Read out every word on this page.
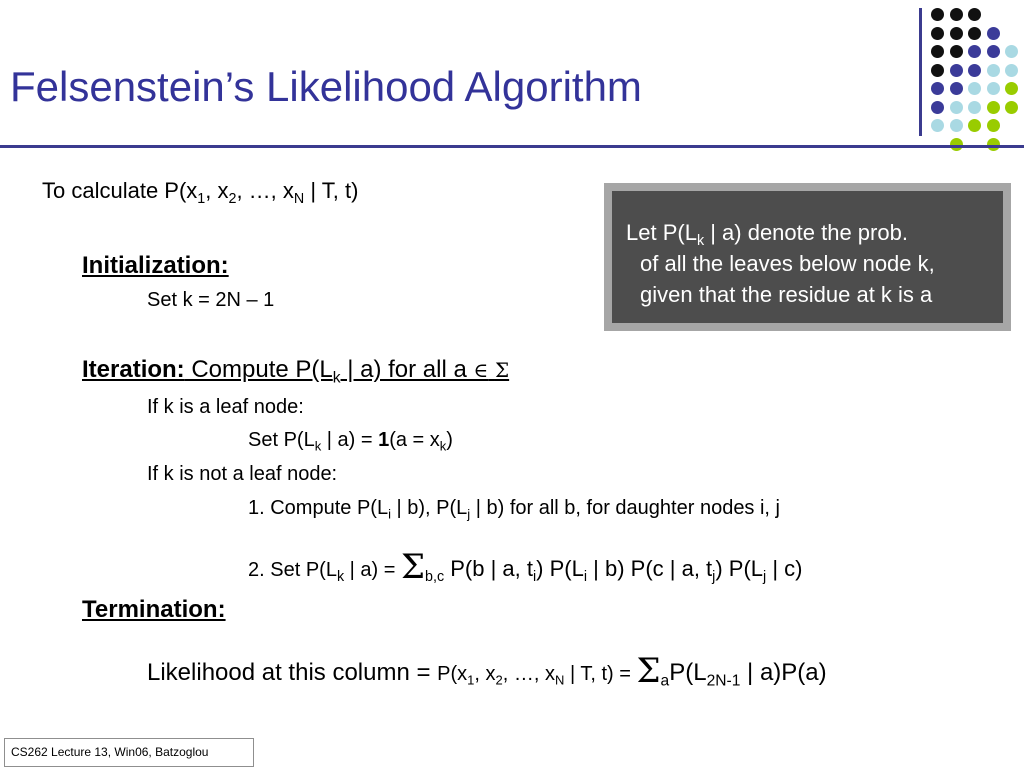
Felsenstein’s Likelihood Algorithm
To calculate $P(x_1$, $x_2$, …, $x_N$ | T, t)
Let $P(L_k$ | a) denote the prob.
of all the leaves below node k,
given that the residue at k is a
Initialization:
Set k = 2N – 1
Iteration: Compute $P(L_k$ | a) for all a ∈ Σ
If k is a leaf node:
Set $P(L_k$ | $a) = 1(a = x_k)$
If k is not a leaf node:
1. Compute $P(L_i$ | b), $P(L_j$ | b) for all b, for daughter nodes i, j
2. Set $P(L_k$ | $a) = \Sigma_{b,c}$ P(b | a, $t_i$) $P(L_i$ | b) P(c | a, $t_j$) $P(L_j$ | c)
Termination:
Likelihood at this column = $P(x_1$, $x_2$, …, $x_N$ | T, $t) = \Sigma_aP(L_{2N-1}$ | a)P(a)
CS262 Lecture 13, Win06, Batzoglou
